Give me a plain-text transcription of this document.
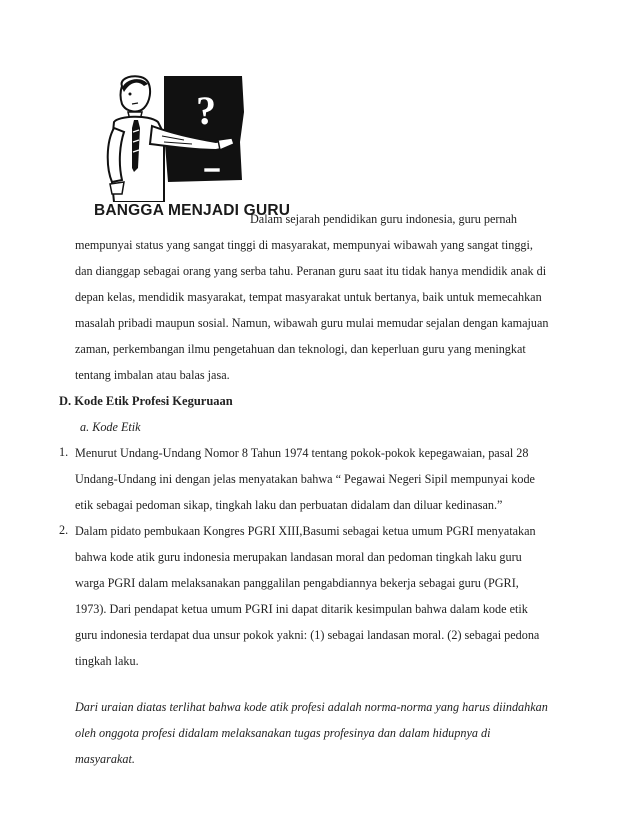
?
BANGGA MENJADI GURU
Dalam sejarah pendidikan guru indonesia, guru pernah
mempunyai status yang sangat tinggi di masyarakat, mempunyai wibawah yang sangat tinggi,
dan dianggap sebagai orang yang serba tahu. Peranan guru saat itu tidak hanya mendidik anak di
depan kelas, mendidik masyarakat, tempat masyarakat untuk bertanya, baik untuk memecahkan
masalah pribadi maupun sosial. Namun, wibawah guru mulai memudar sejalan dengan kamajuan
zaman, perkembangan ilmu pengetahuan dan teknologi, dan keperluan guru yang meningkat
tentang imbalan atau balas jasa.
D. Kode Etik Profesi Keguruaan
a. Kode Etik
1. Menurut Undang-Undang Nomor 8 Tahun 1974 tentang pokok-pokok kepegawaian, pasal 28
Undang-Undang ini dengan jelas menyatakan bahwa “ Pegawai Negeri Sipil mempunyai kode
etik sebagai pedoman sikap, tingkah laku dan perbuatan didalam dan diluar kedinasan.”
2. Dalam pidato pembukaan Kongres PGRI XIII,Basumi sebagai ketua umum PGRI menyatakan
bahwa kode atik guru indonesia merupakan landasan moral dan pedoman tingkah laku guru
warga PGRI dalam melaksanakan panggalilan pengabdiannya bekerja sebagai guru (PGRI,
1973). Dari pendapat ketua umum PGRI ini dapat ditarik kesimpulan bahwa dalam kode etik
guru indonesia terdapat dua unsur pokok yakni: (1) sebagai landasan moral. (2) sebagai pedona
tingkah laku.
Dari uraian diatas terlihat bahwa kode atik profesi adalah norma-norma yang harus diindahkan
oleh onggota profesi didalam melaksanakan tugas profesinya dan dalam hidupnya di
masyarakat.
